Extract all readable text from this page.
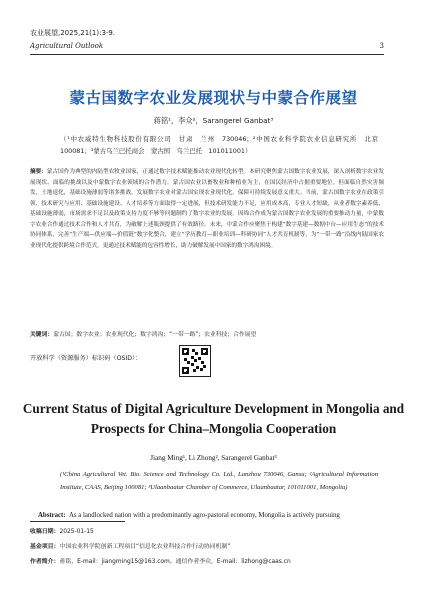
农业展望,2025,21(1):3-9.
Agricultural Outlook	3
蒙古国数字农业发展现状与中蒙合作展望
蒋铭¹，李众²，Sarangerel Ganbat³
（¹中农威特生物科技股份有限公司　甘肃　兰州　730046；²中国农业科学院农业信息研究所　北京　100081；³蒙古乌兰巴托商会　蒙古国　乌兰巴托　101011001）
摘要：蒙古国作为典型的内陆型农牧业国家，正通过数字技术赋能推动农业现代化转型。本研究聚焦蒙古国数字农业发展，深入剖析数字农业发展现状、面临的挑战以及中蒙数字农业领域的合作潜力。蒙古国农业以畜牧业和种植业为主，在国民经济中占据重要地位。但面临自然灾害频发，土地退化，基础设施薄弱等诸多挑战。发展数字农业对蒙古国实现农业现代化，保障可持续发展意义重大。当前，蒙古国数字农业在政策引领、技术研究与应用、基础设施建设、人才培养等方面取得一定进展，但技术研发能力不足，应用成本高，专业人才短缺，从业者数字素养低，基础设施薄弱，市场需求不足以及政策支持力度不够等问题制约了数字农业的发展。因绵合作成为蒙古国数字农业发展的重要推动力量，中蒙数字农业合作通过技术合作和人才共育，为破解上述瓶颈提供了有效路径。未来，中蒙合作应聚焦于构建“数字基建—数据中台—应用生态”的技术协同体系，完善“生产端—供应端—价值链”数字化整合，建立“学历教育—职业培训—科研协同”人才共育机制等，为“一带一路”沿线内陆国家农业现代化提供跨境合作范式，更通过技术赋能的包容性增长，助力破解发展中国家的数字鸿沟困境。
关键词：蒙古国；数字农业；农业现代化；数字鸿沟；“一带一路”；农业科技；合作展望
开放科学（资源服务）标识码（OSID）：
Current Status of Digital Agriculture Development in Mongolia and Prospects for China–Mongolia Cooperation
Jiang Ming¹, Li Zhong², Sarangerel Ganbat³
(¹China Agricultural Vet. Bio. Science and Technology Co. Ltd., Lanzhou 730046, Gansu; ²Agricultural Information Institute, CAAS, Beijing 100081; ³Ulaanbaatar Chamber of Commerce, Ulaanbaatar, 101011001, Mongolia)
Abstract: As a landlocked nation with a predominantly agro-pastoral economy, Mongolia is actively pursuing
收稿日期：2025-01-15
基金项目：中国农业科学院创新工程项目“信息化农业科技合作行动协同机制”
作者简介：蒋铭，E-mail：jiangming15@163.com。通信作者李众，E-mail：lizhong@caas.cn
